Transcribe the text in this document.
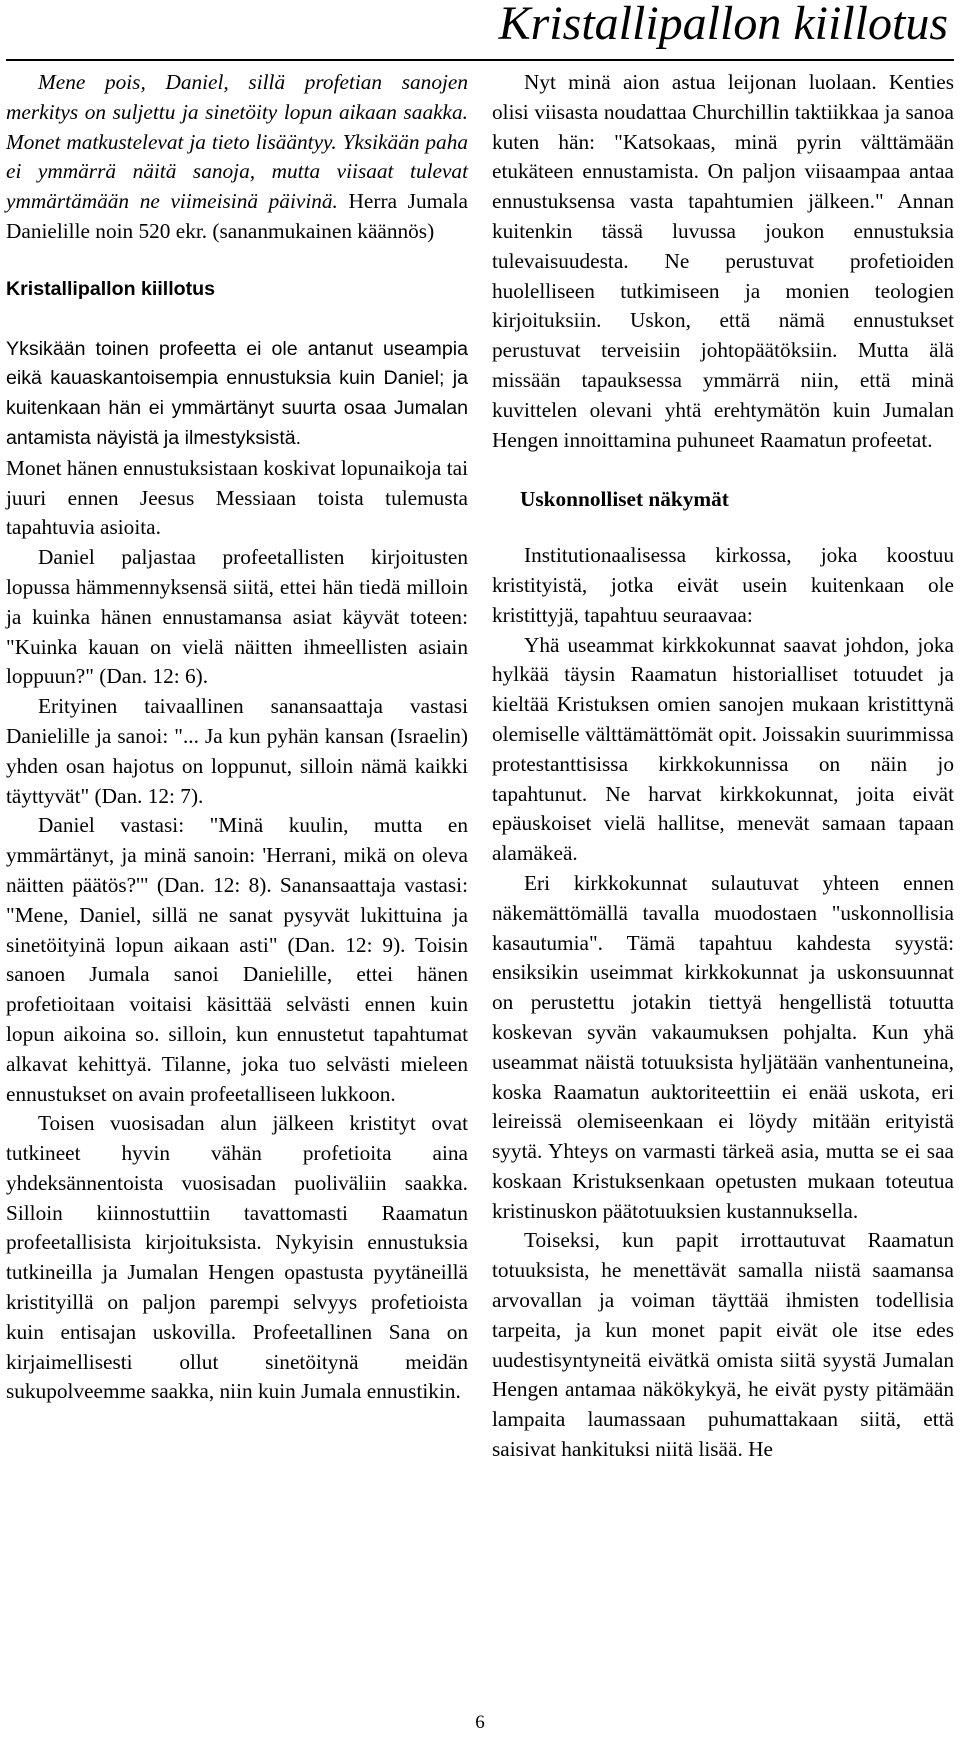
Kristallipallon kiillotus

Mene pois, Daniel, sillä profetian sanojen merkitys on suljettu ja sinetöity lopun aikaan saakka. Monet matkustelevat ja tieto lisääntyy. Yksikään paha ei ymmärrä näitä sanoja, mutta viisaat tulevat ymmärtämään ne viimeisinä päivinä. Herra Jumala Danielille noin 520 ekr. (sananmukainen käännös)

Kristallipallon kiillotus

Yksikään toinen profeetta ei ole antanut useampia eikä kauaskantoisempia ennustuksia kuin Daniel; ja kuitenkaan hän ei ymmärtänyt suurta osaa Jumalan antamista näyistä ja ilmestyksistä.

Monet hänen ennustuksistaan koskivat lopunaikoja tai juuri ennen Jeesus Messiaan toista tulemusta tapahtuvia asioita.

Daniel paljastaa profeetallisten kirjoitusten lopussa hämmennyksensä siitä, ettei hän tiedä milloin ja kuinka hänen ennustamansa asiat käyvät toteen: "Kuinka kauan on vielä näitten ihmeellisten asiain loppuun?" (Dan. 12: 6).

Erityinen taivaallinen sanansaattaja vastasi Danielille ja sanoi: "... Ja kun pyhän kansan (Israelin) yhden osan hajotus on loppunut, silloin nämä kaikki täyttyvät" (Dan. 12: 7).

Daniel vastasi: "Minä kuulin, mutta en ymmärtänyt, ja minä sanoin: 'Herrani, mikä on oleva näitten päätös?'" (Dan. 12: 8). Sanansaattaja vastasi: "Mene, Daniel, sillä ne sanat pysyvät lukittuina ja sinetöityinä lopun aikaan asti" (Dan. 12: 9). Toisin sanoen Jumala sanoi Danielille, ettei hänen profetioitaan voitaisi käsittää selvästi ennen kuin lopun aikoina so. silloin, kun ennustetut tapahtumat alkavat kehittyä. Tilanne, joka tuo selvästi mieleen ennustukset on avain profeetalliseen lukkoon.

Toisen vuosisadan alun jälkeen kristityt ovat tutkineet hyvin vähän profetioita aina yhdeksännentoista vuosisadan puoliväliin saakka. Silloin kiinnostuttiin tavattomasti Raamatun profeetallisista kirjoituksista. Nykyisin ennustuksia tutkineilla ja Jumalan Hengen opastusta pyytäneillä kristityillä on paljon parempi selvyys profetioista kuin entisajan uskovilla. Profeetallinen Sana on kirjaimellisesti ollut sinetöitynä meidän sukupolveemme saakka, niin kuin Jumala ennustikin.

Nyt minä aion astua leijonan luolaan. Kenties olisi viisasta noudattaa Churchillin taktiikkaa ja sanoa kuten hän: "Katsokaas, minä pyrin välttämään etukäteen ennustamista. On paljon viisaampaa antaa ennustuksensa vasta tapahtumien jälkeen." Annan kuitenkin tässä luvussa joukon ennustuksia tulevaisuudesta. Ne perustuvat profetioiden huolelliseen tutkimiseen ja monien teologien kirjoituksiin. Uskon, että nämä ennustukset perustuvat terveisiin johtopäätöksiin. Mutta älä missään tapauksessa ymmärrä niin, että minä kuvittelen olevani yhtä erehtymätön kuin Jumalan Hengen innoittamina puhuneet Raamatun profeetat.

Uskonnolliset näkymät

Institutionaalisessa kirkossa, joka koostuu kristityistä, jotka eivät usein kuitenkaan ole kristittyjä, tapahtuu seuraavaa:

Yhä useammat kirkkokunnat saavat johdon, joka hylkää täysin Raamatun historialliset totuudet ja kieltää Kristuksen omien sanojen mukaan kristittynä olemiselle välttämättömät opit. Joissakin suurimmissa protestanttisissa kirkkokunnissa on näin jo tapahtunut. Ne harvat kirkkokunnat, joita eivät epäuskoiset vielä hallitse, menevät samaan tapaan alamäkeä.

Eri kirkkokunnat sulautuvat yhteen ennen näkemättömällä tavalla muodostaen "uskonnollisia kasautumia". Tämä tapahtuu kahdesta syystä: ensiksikin useimmat kirkkokunnat ja uskonsuunnat on perustettu jotakin tiettyä hengellistä totuutta koskevan syvän vakaumuksen pohjalta. Kun yhä useammat näistä totuuksista hyljätään vanhentuneina, koska Raamatun auktoriteettiin ei enää uskota, eri leireissä olemiseenkaan ei löydy mitään erityistä syytä. Yhteys on varmasti tärkeä asia, mutta se ei saa koskaan Kristuksenkaan opetusten mukaan toteutua kristinuskon päätotuuksien kustannuksella.

Toiseksi, kun papit irrottautuvat Raamatun totuuksista, he menettävät samalla niistä saamansa arvovallan ja voiman täyttää ihmisten todellisia tarpeita, ja kun monet papit eivät ole itse edes uudestisyntyneitä eivätkä omista siitä syystä Jumalan Hengen antamaa näkökykyä, he eivät pysty pitämään lampaita laumassaan puhumattakaan siitä, että saisivat hankituksi niitä lisää. He

6
